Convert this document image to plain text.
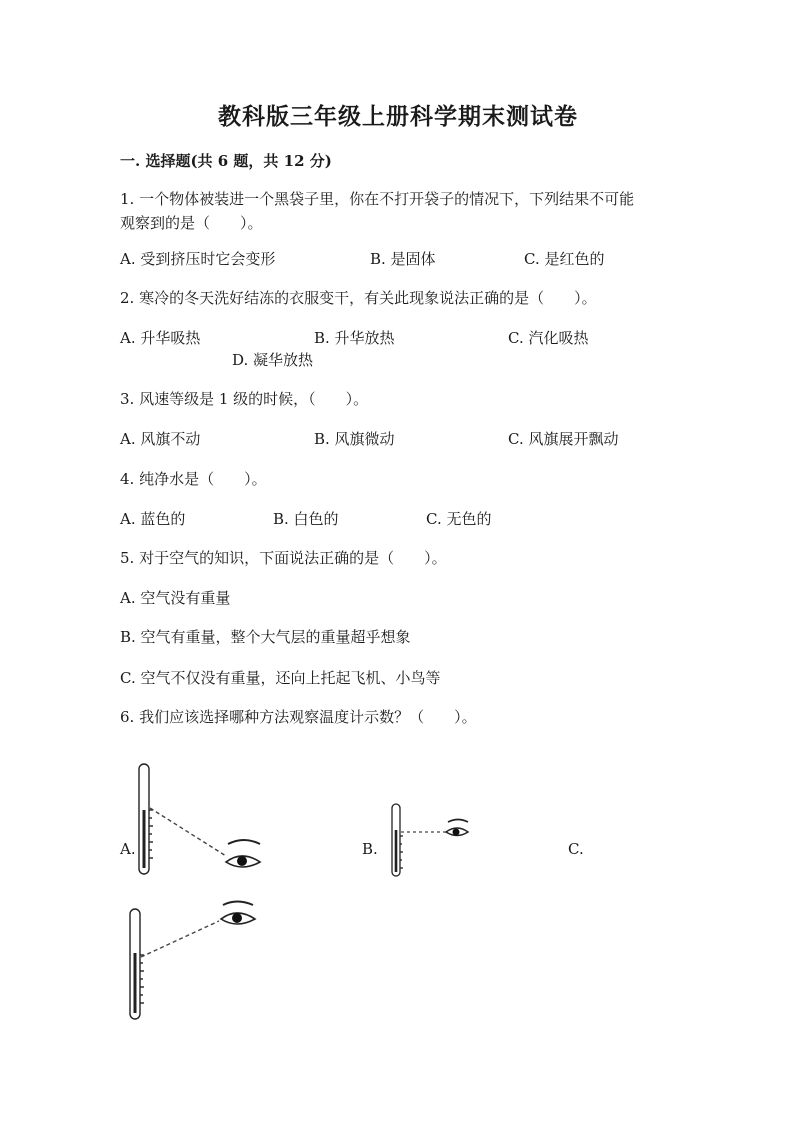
教科版三年级上册科学期末测试卷
一. 选择题(共 6 题，共 12 分)
1. 一个物体被装进一个黑袋子里，你在不打开袋子的情况下，下列结果不可能
观察到的是（　　）。
A. 受到挤压时它会变形	B. 是固体	C. 是红色的
2. 寒冷的冬天洗好结冻的衣服变干，有关此现象说法正确的是（　　）。
A. 升华吸热	B. 升华放热	C. 汽化吸热
D. 凝华放热
3. 风速等级是 1 级的时候，（　　）。
A. 风旗不动	B. 风旗微动	C. 风旗展开飘动
4. 纯净水是（　　）。
A. 蓝色的	B. 白色的	C. 无色的
5. 对于空气的知识，下面说法正确的是（　　）。
A. 空气没有重量
B. 空气有重量，整个大气层的重量超乎想象
C. 空气不仅没有重量，还向上托起飞机、小鸟等
6. 我们应该选择哪种方法观察温度计示数？（　　）。
A.	B.	C.
